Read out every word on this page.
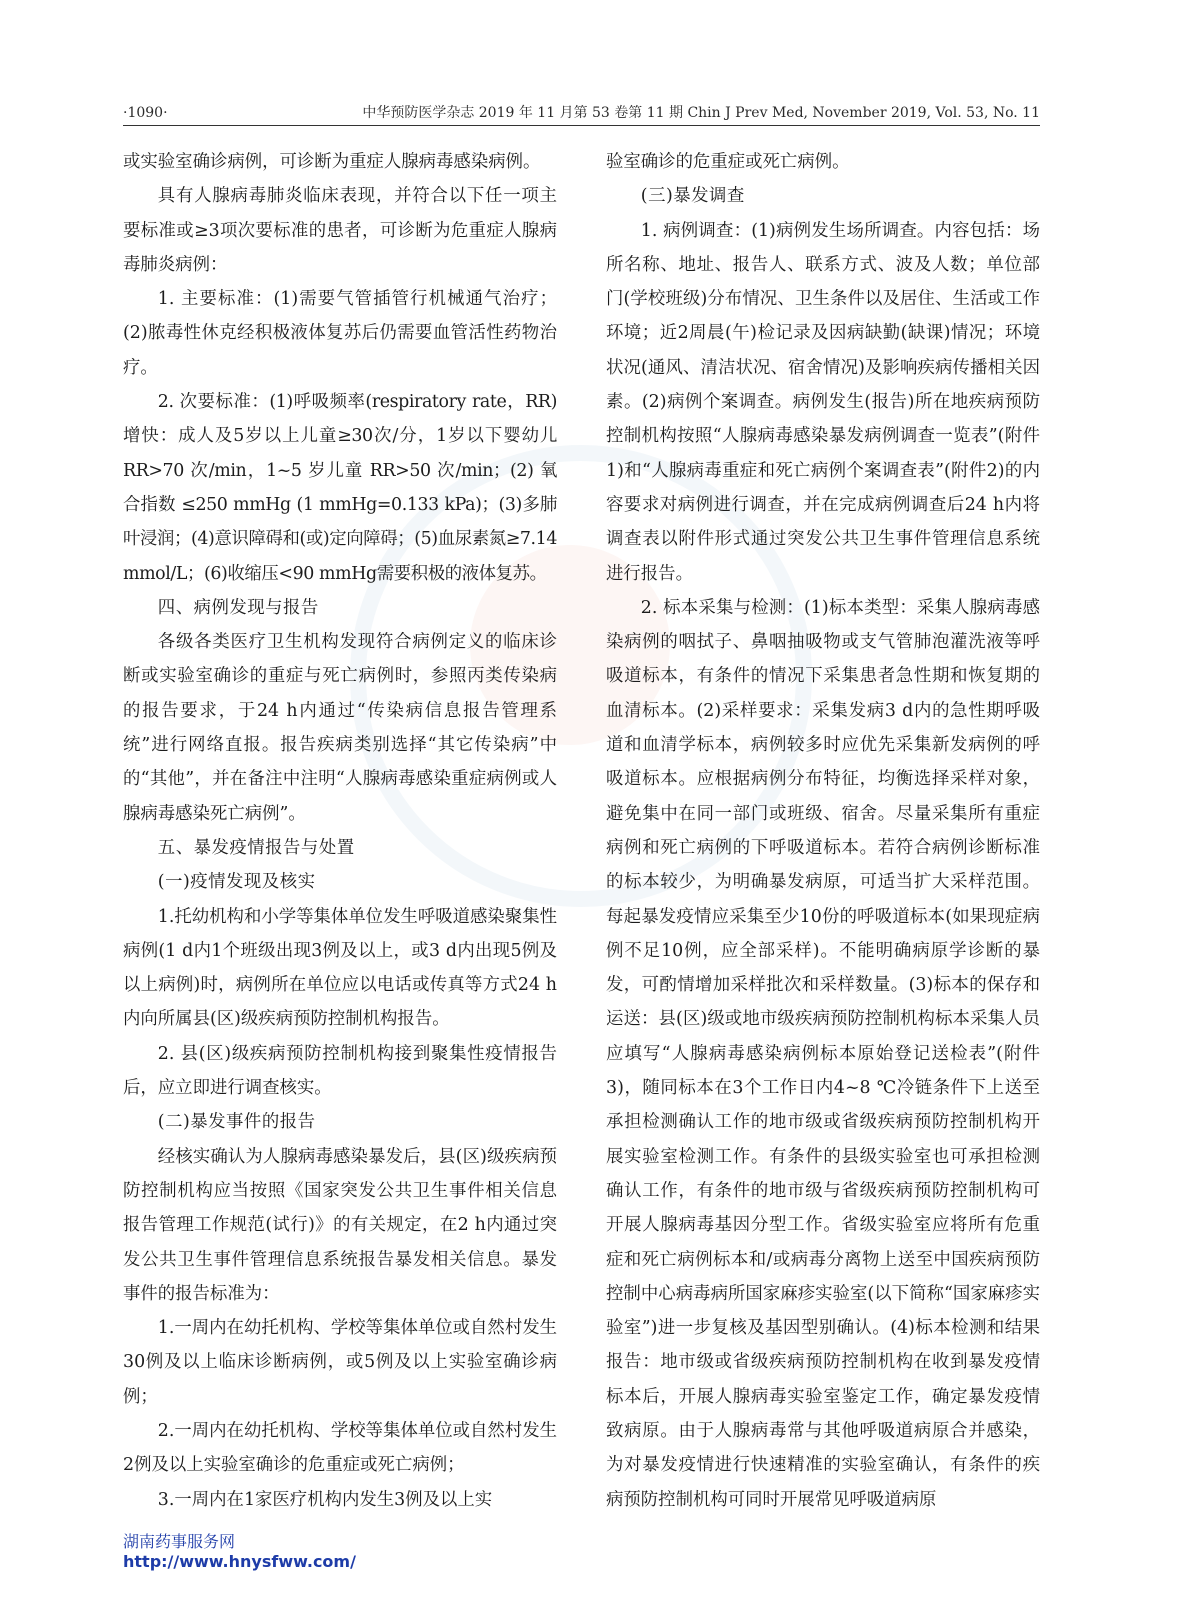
·1090·	中华预防医学杂志 2019 年 11 月第 53 卷第 11 期 Chin J Prev Med, November 2019, Vol. 53, No. 11

或实验室确诊病例，可诊断为重症人腺病毒感染病例。

具有人腺病毒肺炎临床表现，并符合以下任一项主要标准或≥3项次要标准的患者，可诊断为危重症人腺病毒肺炎病例：

1. 主要标准：(1)需要气管插管行机械通气治疗；(2)脓毒性休克经积极液体复苏后仍需要血管活性药物治疗。

2. 次要标准：(1)呼吸频率(respiratory rate，RR)增快：成人及5岁以上儿童≥30次/分，1岁以下婴幼儿 RR>70 次/min，1~5 岁儿童 RR>50 次/min；(2) 氧合指数 ≤250 mmHg (1 mmHg=0.133 kPa)；(3)多肺叶浸润；(4)意识障碍和(或)定向障碍；(5)血尿素氮≥7.14 mmol/L；(6)收缩压<90 mmHg需要积极的液体复苏。

四、病例发现与报告

各级各类医疗卫生机构发现符合病例定义的临床诊断或实验室确诊的重症与死亡病例时，参照丙类传染病的报告要求，于24 h内通过“传染病信息报告管理系统”进行网络直报。报告疾病类别选择“其它传染病”中的“其他”，并在备注中注明“人腺病毒感染重症病例或人腺病毒感染死亡病例”。

五、暴发疫情报告与处置

(一)疫情发现及核实

1.托幼机构和小学等集体单位发生呼吸道感染聚集性病例(1 d内1个班级出现3例及以上，或3 d内出现5例及以上病例)时，病例所在单位应以电话或传真等方式24 h内向所属县(区)级疾病预防控制机构报告。

2. 县(区)级疾病预防控制机构接到聚集性疫情报告后，应立即进行调查核实。

(二)暴发事件的报告

经核实确认为人腺病毒感染暴发后，县(区)级疾病预防控制机构应当按照《国家突发公共卫生事件相关信息报告管理工作规范(试行)》的有关规定，在2 h内通过突发公共卫生事件管理信息系统报告暴发相关信息。暴发事件的报告标准为：

1.一周内在幼托机构、学校等集体单位或自然村发生30例及以上临床诊断病例，或5例及以上实验室确诊病例；

2.一周内在幼托机构、学校等集体单位或自然村发生2例及以上实验室确诊的危重症或死亡病例；

3.一周内在1家医疗机构内发生3例及以上实

验室确诊的危重症或死亡病例。

(三)暴发调查

1. 病例调查：(1)病例发生场所调查。内容包括：场所名称、地址、报告人、联系方式、波及人数；单位部门(学校班级)分布情况、卫生条件以及居住、生活或工作环境；近2周晨(午)检记录及因病缺勤(缺课)情况；环境状况(通风、清洁状况、宿舍情况)及影响疾病传播相关因素。(2)病例个案调查。病例发生(报告)所在地疾病预防控制机构按照“人腺病毒感染暴发病例调查一览表”(附件1)和“人腺病毒重症和死亡病例个案调查表”(附件2)的内容要求对病例进行调查，并在完成病例调查后24 h内将调查表以附件形式通过突发公共卫生事件管理信息系统进行报告。

2. 标本采集与检测：(1)标本类型：采集人腺病毒感染病例的咽拭子、鼻咽抽吸物或支气管肺泡灌洗液等呼吸道标本，有条件的情况下采集患者急性期和恢复期的血清标本。(2)采样要求：采集发病3 d内的急性期呼吸道和血清学标本，病例较多时应优先采集新发病例的呼吸道标本。应根据病例分布特征，均衡选择采样对象，避免集中在同一部门或班级、宿舍。尽量采集所有重症病例和死亡病例的下呼吸道标本。若符合病例诊断标准的标本较少，为明确暴发病原，可适当扩大采样范围。每起暴发疫情应采集至少10份的呼吸道标本(如果现症病例不足10例，应全部采样)。不能明确病原学诊断的暴发，可酌情增加采样批次和采样数量。(3)标本的保存和运送：县(区)级或地市级疾病预防控制机构标本采集人员应填写“人腺病毒感染病例标本原始登记送检表”(附件3)，随同标本在3个工作日内4~8 ℃冷链条件下上送至承担检测确认工作的地市级或省级疾病预防控制机构开展实验室检测工作。有条件的县级实验室也可承担检测确认工作，有条件的地市级与省级疾病预防控制机构可开展人腺病毒基因分型工作。省级实验室应将所有危重症和死亡病例标本和/或病毒分离物上送至中国疾病预防控制中心病毒病所国家麻疹实验室(以下简称“国家麻疹实验室”)进一步复核及基因型别确认。(4)标本检测和结果报告：地市级或省级疾病预防控制机构在收到暴发疫情标本后，开展人腺病毒实验室鉴定工作，确定暴发疫情致病原。由于人腺病毒常与其他呼吸道病原合并感染，为对暴发疫情进行快速精准的实验室确认，有条件的疾病预防控制机构可同时开展常见呼吸道病原

湖南药事服务网
http://www.hnysfww.com/
